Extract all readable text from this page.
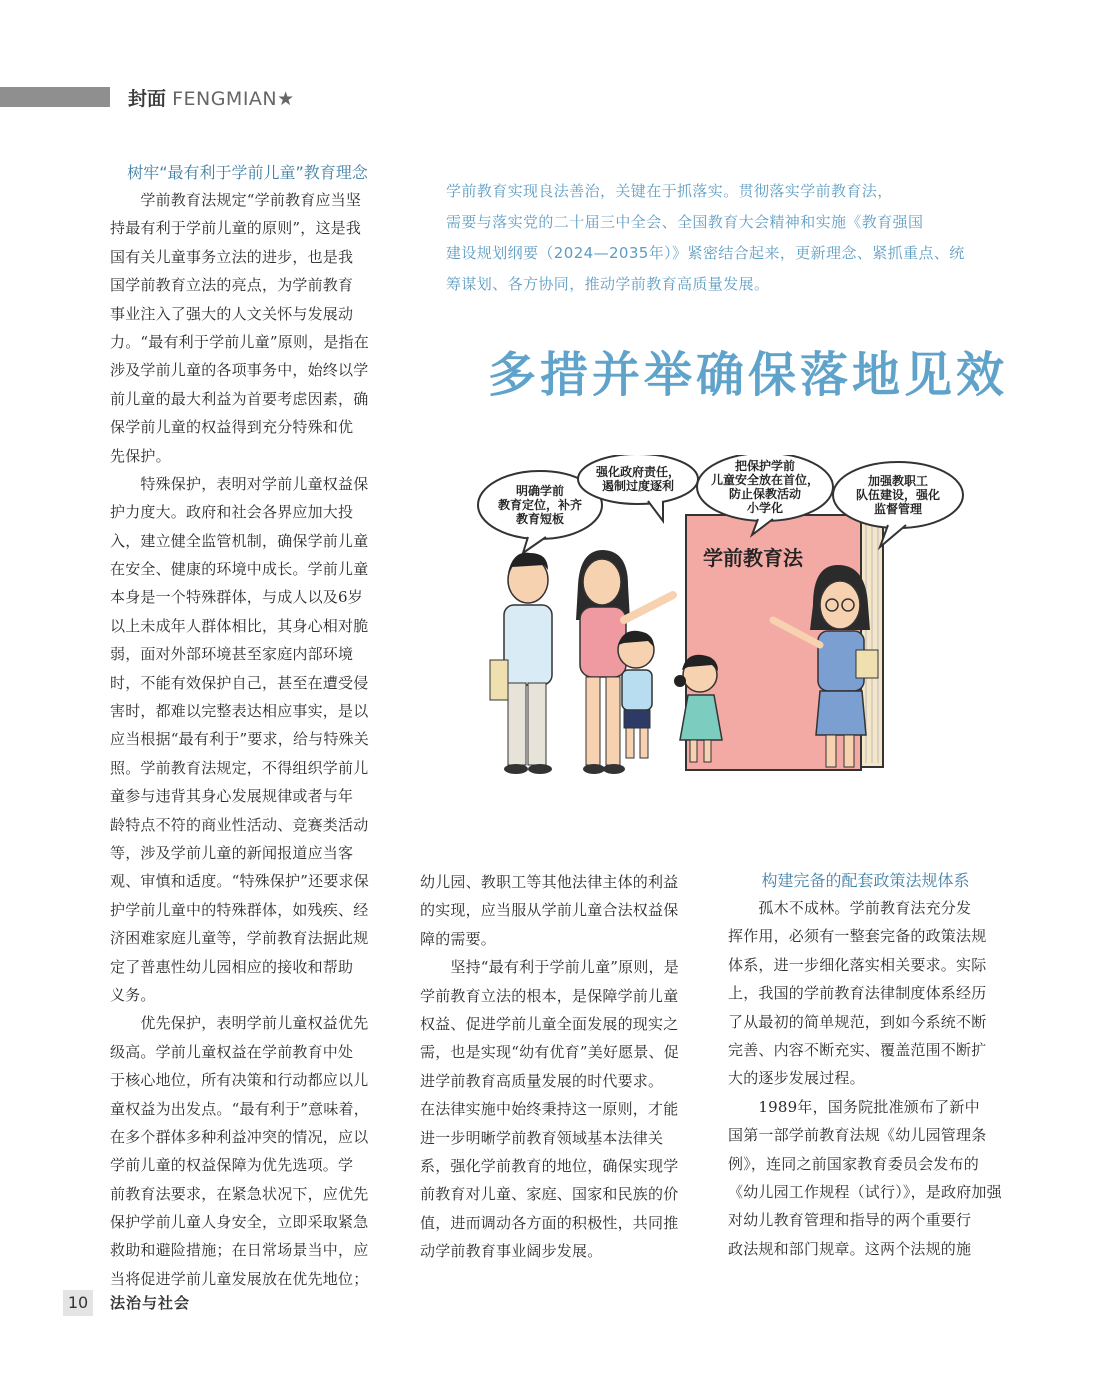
封面 FENGMIAN★
树牢“最有利于学前儿童”教育理念
　　学前教育法规定“学前教育应当坚
持最有利于学前儿童的原则”，这是我
国有关儿童事务立法的进步，也是我
国学前教育立法的亮点，为学前教育
事业注入了强大的人文关怀与发展动
力。“最有利于学前儿童”原则，是指在
涉及学前儿童的各项事务中，始终以学
前儿童的最大利益为首要考虑因素，确
保学前儿童的权益得到充分特殊和优
先保护。
　　特殊保护，表明对学前儿童权益保
护力度大。政府和社会各界应加大投
入，建立健全监管机制，确保学前儿童
在安全、健康的环境中成长。学前儿童
本身是一个特殊群体，与成人以及6岁
以上未成年人群体相比，其身心相对脆
弱，面对外部环境甚至家庭内部环境
时，不能有效保护自己，甚至在遭受侵
害时，都难以完整表达相应事实，是以
应当根据“最有利于”要求，给与特殊关
照。学前教育法规定，不得组织学前儿
童参与违背其身心发展规律或者与年
龄特点不符的商业性活动、竞赛类活动
等，涉及学前儿童的新闻报道应当客
观、审慎和适度。“特殊保护”还要求保
护学前儿童中的特殊群体，如残疾、经
济困难家庭儿童等，学前教育法据此规
定了普惠性幼儿园相应的接收和帮助
义务。
　　优先保护，表明学前儿童权益优先
级高。学前儿童权益在学前教育中处
于核心地位，所有决策和行动都应以儿
童权益为出发点。“最有利于”意味着，
在多个群体多种利益冲突的情况，应以
学前儿童的权益保障为优先选项。学
前教育法要求，在紧急状况下，应优先
保护学前儿童人身安全，立即采取紧急
救助和避险措施；在日常场景当中，应
当将促进学前儿童发展放在优先地位；
学前教育实现良法善治，关键在于抓落实。贯彻落实学前教育法，
需要与落实党的二十届三中全会、全国教育大会精神和实施《教育强国
建设规划纲要（2024—2035年）》紧密结合起来，更新理念、紧抓重点、统
筹谋划、各方协同，推动学前教育高质量发展。
多措并举确保落地见效
学前教育法
明确学前教育定位，补齐教育短板
强化政府责任，遏制过度逐利
把保护学前儿童安全放在首位，防止保教活动小学化
加强教职工队伍建设，强化监督管理
幼儿园、教职工等其他法律主体的利益
的实现，应当服从学前儿童合法权益保
障的需要。
　　坚持“最有利于学前儿童”原则，是
学前教育立法的根本，是保障学前儿童
权益、促进学前儿童全面发展的现实之
需，也是实现“幼有优育”美好愿景、促
进学前教育高质量发展的时代要求。
在法律实施中始终秉持这一原则，才能
进一步明晰学前教育领域基本法律关
系，强化学前教育的地位，确保实现学
前教育对儿童、家庭、国家和民族的价
值，进而调动各方面的积极性，共同推
动学前教育事业阔步发展。
构建完备的配套政策法规体系
　　孤木不成林。学前教育法充分发
挥作用，必须有一整套完备的政策法规
体系，进一步细化落实相关要求。实际
上，我国的学前教育法律制度体系经历
了从最初的简单规范，到如今系统不断
完善、内容不断充实、覆盖范围不断扩
大的逐步发展过程。
　　1989年，国务院批准颁布了新中
国第一部学前教育法规《幼儿园管理条
例》，连同之前国家教育委员会发布的
《幼儿园工作规程（试行）》，是政府加强
对幼儿教育管理和指导的两个重要行
政法规和部门规章。这两个法规的施
10	法治与社会
